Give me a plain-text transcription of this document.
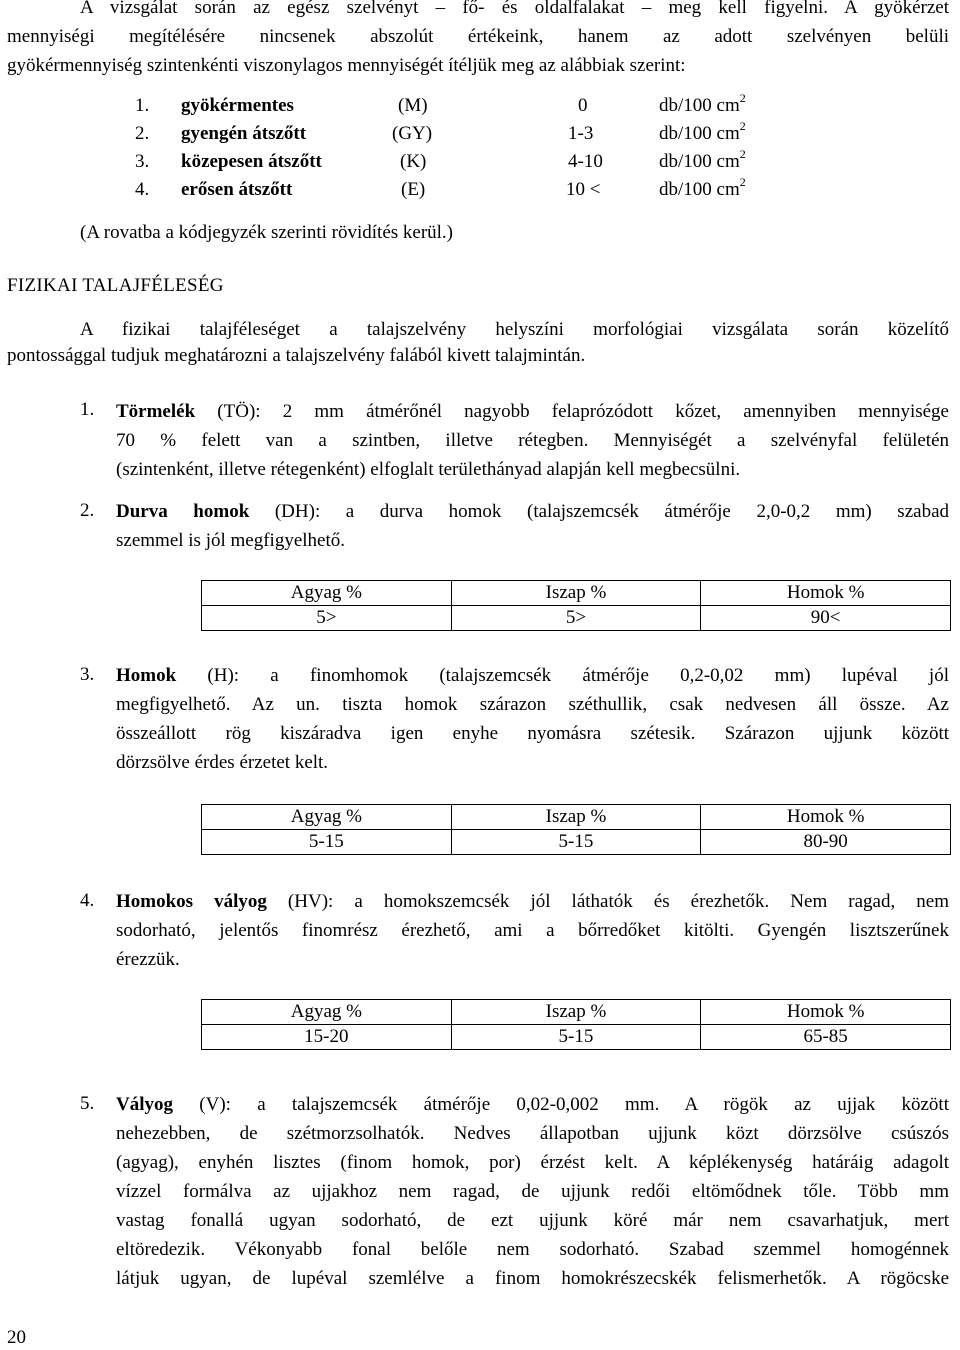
A vizsgálat során az egész szelvényt – fő- és oldalfalakat – meg kell figyelni. A gyökérzet
mennyiségi megítélésére nincsenek abszolút értékeink, hanem az adott szelvényen belüli
gyökérmennyiség szintenkénti viszonylagos mennyiségét ítéljük meg az alábbiak szerint:
1. gyökérmentes	(M)	0	db/100 $cm^2$
2. gyengén átszőtt	(GY)	1-3	db/100 $cm^2$
3. közepesen átszőtt	(K)	4-10	db/100 $cm^2$
4. erősen átszőtt	(E)	10 <	db/100 $cm^2$
(A rovatba a kódjegyzék szerinti rövidítés kerül.)
FIZIKAI TALAJFÉLESÉG
A fizikai talajféleséget a talajszelvény helyszíni morfológiai vizsgálata során közelítő
pontossággal tudjuk meghatározni a talajszelvény falából kivett talajmintán.
1. Törmelék (TÖ): 2 mm átmérőnél nagyobb felaprózódott kőzet, amennyiben mennyisége
70 % felett van a szintben, illetve rétegben. Mennyiségét a szelvényfal felületén
(szintenként, illetve rétegenként) elfoglalt területhányad alapján kell megbecsülni.
2. Durva homok (DH): a durva homok (talajszemcsék átmérője 2,0-0,2 mm) szabad
szemmel is jól megfigyelhető.
Agyag %	Iszap %	Homok %
5>	5>	90<
3. Homok (H): a finomhomok (talajszemcsék átmérője 0,2-0,02 mm) lupéval jól
megfigyelhető. Az un. tiszta homok szárazon széthullik, csak nedvesen áll össze. Az
összeállott rög kiszáradva igen enyhe nyomásra szétesik. Szárazon ujjunk között
dörzsölve érdes érzetet kelt.
Agyag %	Iszap %	Homok %
5-15	5-15	80-90
4. Homokos vályog (HV): a homokszemcsék jól láthatók és érezhetők. Nem ragad, nem
sodorható, jelentős finomrész érezhető, ami a bőrredőket kitölti. Gyengén lisztszerűnek
érezzük.
Agyag %	Iszap %	Homok %
15-20	5-15	65-85
5. Vályog (V): a talajszemcsék átmérője 0,02-0,002 mm. A rögök az ujjak között
nehezebben, de szétmorzsolhatók. Nedves állapotban ujjunk közt dörzsölve csúszós
(agyag), enyhén lisztes (finom homok, por) érzést kelt. A képlékenység határáig adagolt
vízzel formálva az ujjakhoz nem ragad, de ujjunk redői eltömődnek tőle. Több mm
vastag fonallá ugyan sodorható, de ezt ujjunk köré már nem csavarhatjuk, mert
eltöredezik. Vékonyabb fonal belőle nem sodorható. Szabad szemmel homogénnek
látjuk ugyan, de lupéval szemlélve a finom homokrészecskék felismerhetők. A rögöcske
20
